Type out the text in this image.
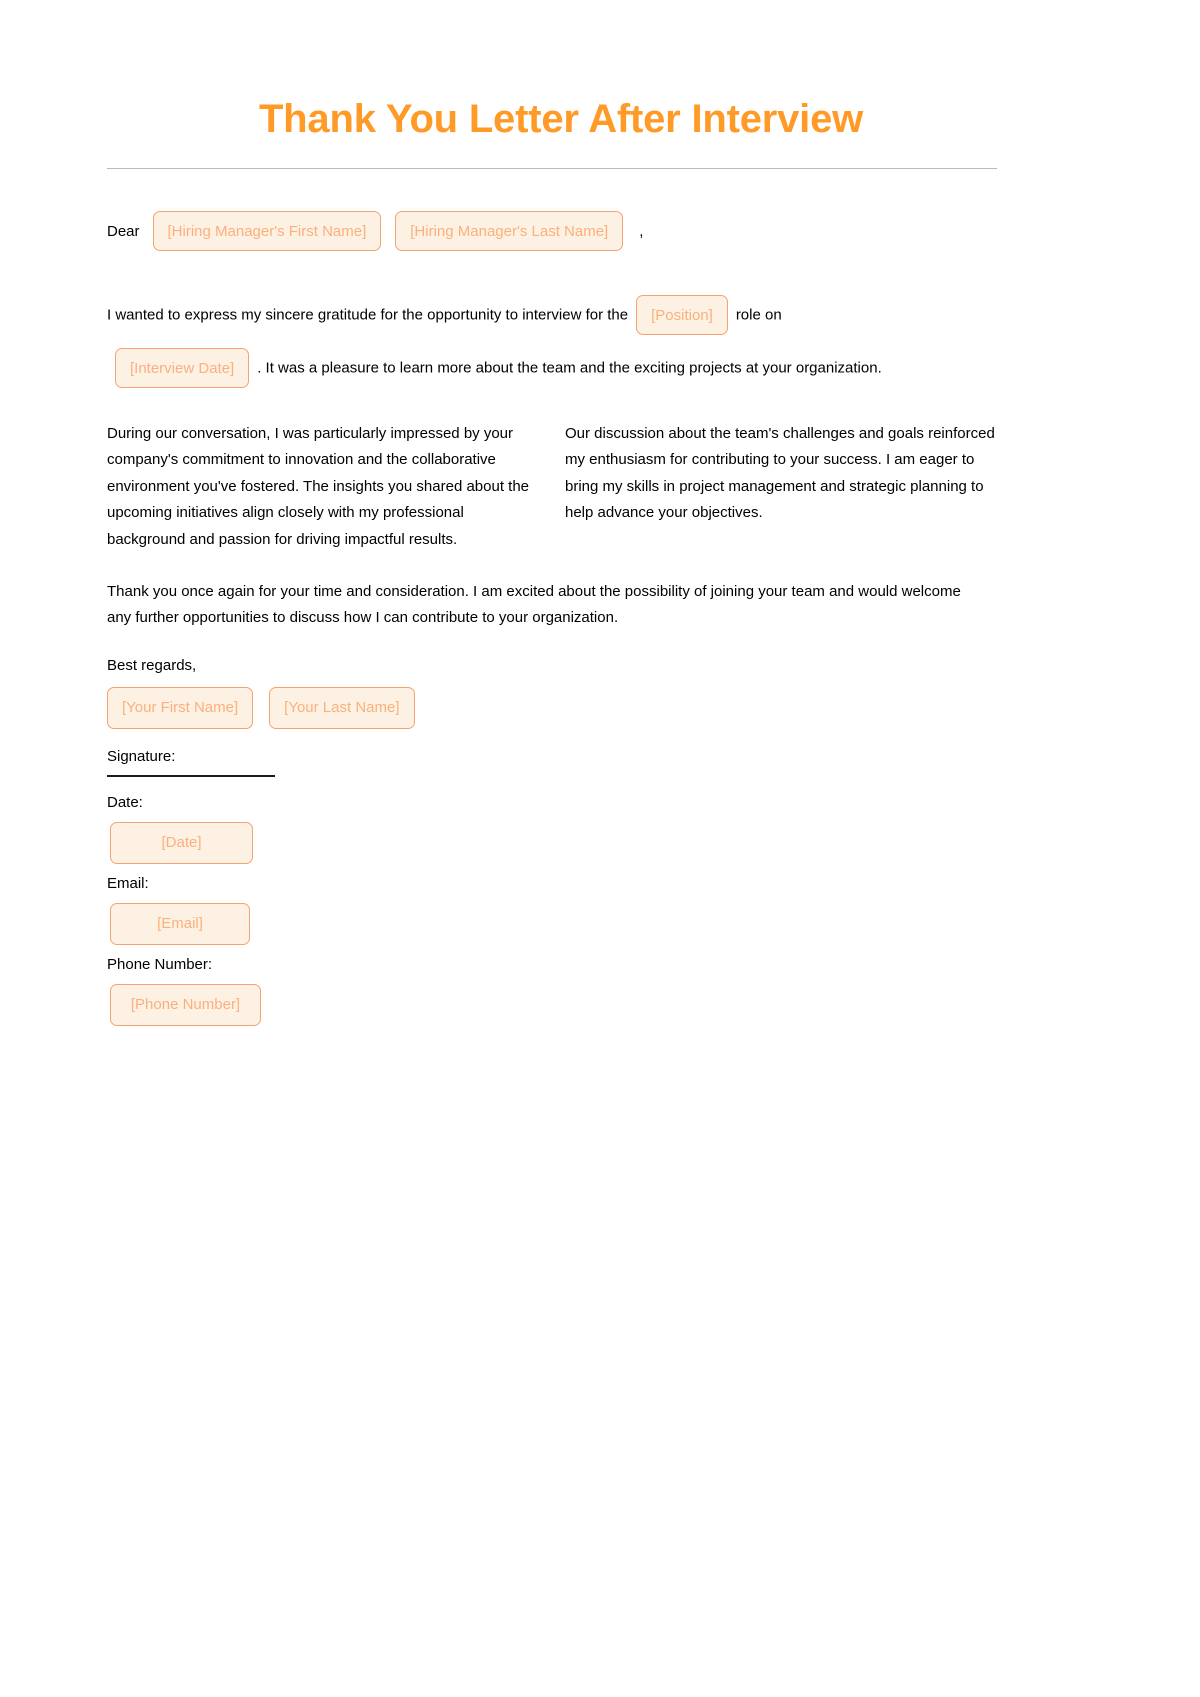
Thank You Letter After Interview
Dear	[Hiring Manager's First Name]	[Hiring Manager's Last Name]	,
I wanted to express my sincere gratitude for the opportunity to interview for the [Position] role on
[Interview Date] . It was a pleasure to learn more about the team and the exciting projects at your organization.
During our conversation, I was particularly impressed by your company's commitment to innovation and the collaborative environment you've fostered. The insights you shared about the upcoming initiatives align closely with my professional background and passion for driving impactful results.
Our discussion about the team's challenges and goals reinforced my enthusiasm for contributing to your success. I am eager to bring my skills in project management and strategic planning to help advance your objectives.
Thank you once again for your time and consideration. I am excited about the possibility of joining your team and would welcome any further opportunities to discuss how I can contribute to your organization.
Best regards,
[Your First Name]	[Your Last Name]
Signature:
Date:
[Date]
Email:
[Email]
Phone Number:
[Phone Number]
